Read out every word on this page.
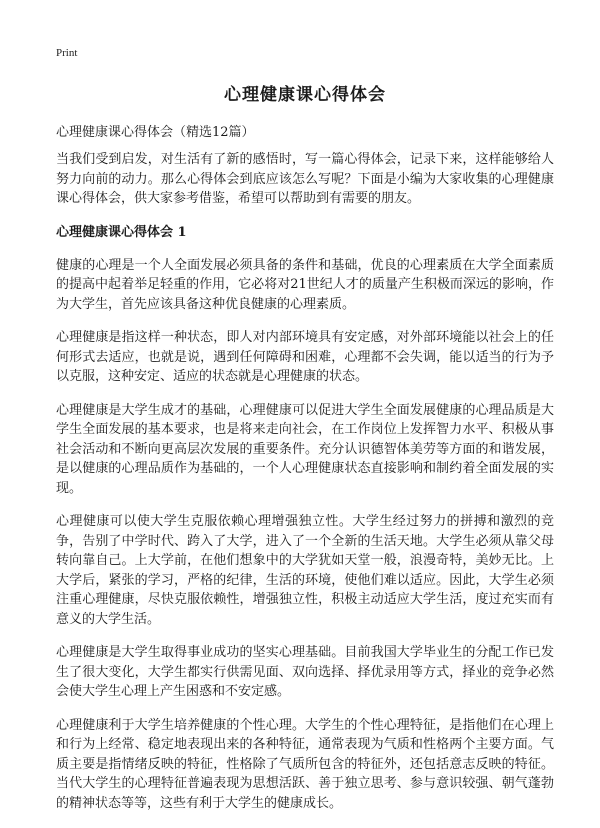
Print
心理健康课心得体会

心理健康课心得体会（精选12篇）

当我们受到启发，对生活有了新的感悟时，写一篇心得体会，记录下来，这样能够给人努力向前的动力。那么心得体会到底应该怎么写呢？下面是小编为大家收集的心理健康课心得体会，供大家参考借鉴，希望可以帮助到有需要的朋友。

心理健康课心得体会 1

健康的心理是一个人全面发展必须具备的条件和基础，优良的心理素质在大学全面素质的提高中起着举足轻重的作用，它必将对21世纪人才的质量产生积极而深远的影响，作为大学生，首先应该具备这种优良健康的心理素质。

心理健康是指这样一种状态，即人对内部环境具有安定感，对外部环境能以社会上的任何形式去适应，也就是说，遇到任何障碍和困难，心理都不会失调，能以适当的行为予以克服，这种安定、适应的状态就是心理健康的状态。

心理健康是大学生成才的基础，心理健康可以促进大学生全面发展健康的心理品质是大学生全面发展的基本要求，也是将来走向社会，在工作岗位上发挥智力水平、积极从事社会活动和不断向更高层次发展的重要条件。充分认识德智体美劳等方面的和谐发展，是以健康的心理品质作为基础的，一个人心理健康状态直接影响和制约着全面发展的实现。

心理健康可以使大学生克服依赖心理增强独立性。大学生经过努力的拼搏和激烈的竞争，告别了中学时代、跨入了大学，进入了一个全新的生活天地。大学生必须从靠父母转向靠自己。上大学前，在他们想象中的大学犹如天堂一般，浪漫奇特，美妙无比。上大学后，紧张的学习，严格的纪律，生活的环境，使他们难以适应。因此，大学生必须注重心理健康，尽快克服依赖性，增强独立性，积极主动适应大学生活，度过充实而有意义的大学生活。

心理健康是大学生取得事业成功的坚实心理基础。目前我国大学毕业生的分配工作已发生了很大变化，大学生都实行供需见面、双向选择、择优录用等方式，择业的竞争必然会使大学生心理上产生困惑和不安定感。

心理健康利于大学生培养健康的个性心理。大学生的个性心理特征，是指他们在心理上和行为上经常、稳定地表现出来的各种特征，通常表现为气质和性格两个主要方面。气质主要是指情绪反映的特征，性格除了气质所包含的特征外，还包括意志反映的特征。当代大学生的心理特征普遍表现为思想活跃、善于独立思考、参与意识较强、朝气蓬勃的精神状态等等，这些有利于大学生的健康成长。
